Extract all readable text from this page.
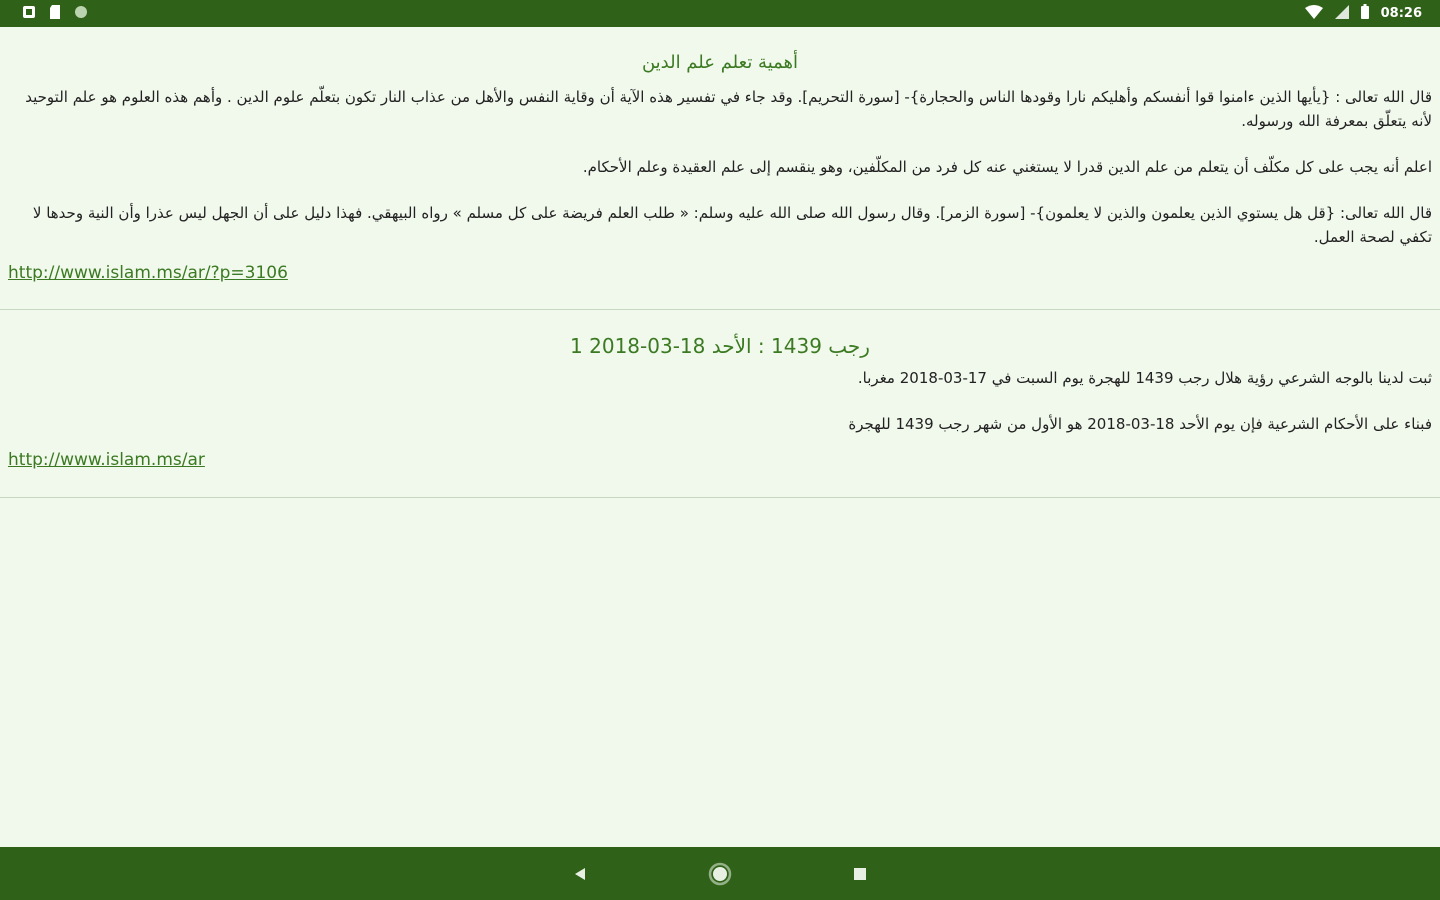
08:26

أهمية تعلم علم الدين

قال الله تعالى : {يأيها الذين ءامنوا قوا أنفسكم وأهليكم نارا وقودها الناس والحجارة}- [سورة التحريم]. وقد جاء في تفسير هذه الآية أن وقاية النفس والأهل من عذاب النار تكون بتعلّم علوم الدين . وأهم هذه العلوم هو علم التوحيد لأنه يتعلّق بمعرفة الله ورسوله.

اعلم أنه يجب على كل مكلّف أن يتعلم من علم الدين قدرا لا يستغني عنه كل فرد من المكلّفين، وهو ينقسم إلى علم العقيدة وعلم الأحكام.

قال الله تعالى: {قل هل يستوي الذين يعلمون والذين لا يعلمون}- [سورة الزمر]. وقال رسول الله صلى الله عليه وسلم: « طلب العلم فريضة على كل مسلم » رواه البيهقي. فهذا دليل على أن الجهل ليس عذرا وأن النية وحدها لا تكفي لصحة العمل.

http://www.islam.ms/ar/?p=3106

1 رجب 1439 : الأحد 18-03-2018

ثبت لدينا بالوجه الشرعي رؤية هلال رجب 1439 للهجرة يوم السبت في 17-03-2018 مغربا.

فبناء على الأحكام الشرعية فإن يوم الأحد 18-03-2018 هو الأول من شهر رجب 1439 للهجرة

http://www.islam.ms/ar
